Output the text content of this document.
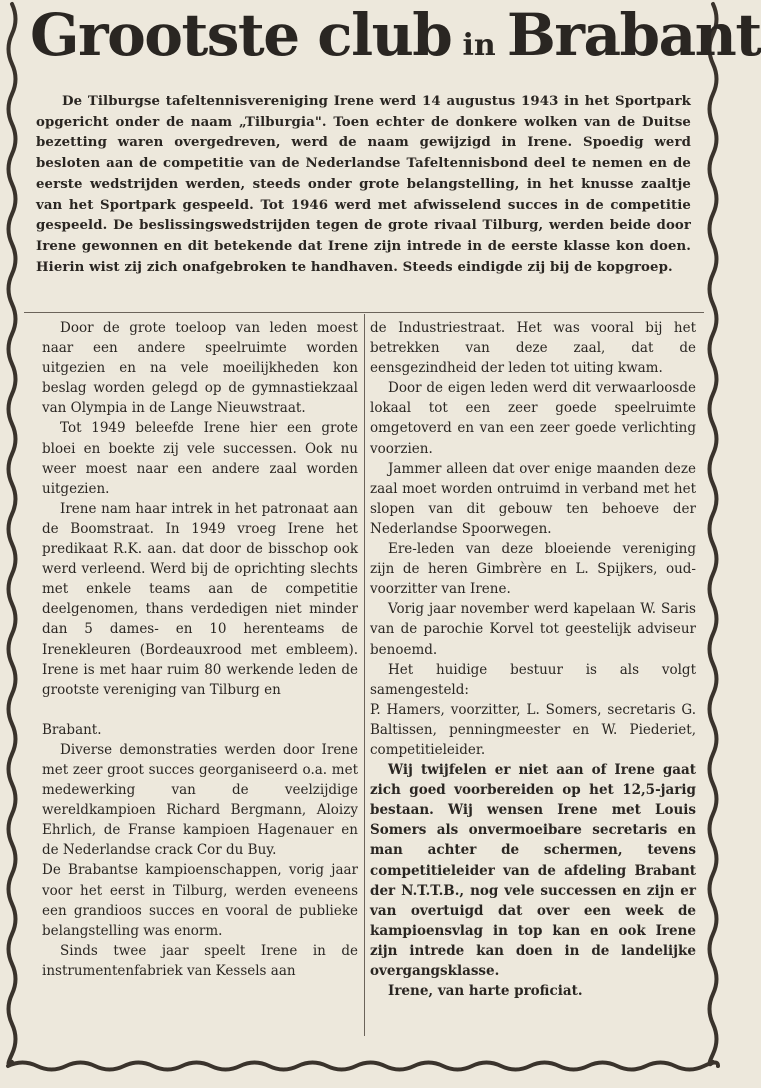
Grootste club in Brabant

De Tilburgse tafeltennisvereniging Irene werd 14 augustus 1943 in het Sportpark opgericht onder de naam „Tilburgia". Toen echter de donkere wolken van de Duitse bezetting waren overgedreven, werd de naam gewijzigd in Irene. Spoedig werd besloten aan de competitie van de Nederlandse Tafeltennisbond deel te nemen en de eerste wedstrijden werden, steeds onder grote belangstelling, in het knusse zaaltje van het Sportpark gespeeld. Tot 1946 werd met afwisselend succes in de competitie gespeeld. De beslissingswedstrijden tegen de grote rivaal Tilburg, werden beide door Irene gewonnen en dit betekende dat Irene zijn intrede in de eerste klasse kon doen. Hierin wist zij zich onafgebroken te handhaven. Steeds eindigde zij bij de kopgroep.

Door de grote toeloop van leden moest naar een andere speelruimte worden uitgezien en na vele moeilijkheden kon beslag worden gelegd op de gymnastiekzaal van Olympia in de Lange Nieuwstraat.

Tot 1949 beleefde Irene hier een grote bloei en boekte zij vele successen. Ook nu weer moest naar een andere zaal worden uitgezien.

Irene nam haar intrek in het patronaat aan de Boomstraat. In 1949 vroeg Irene het predikaat R.K. aan. dat door de bisschop ook werd verleend. Werd bij de oprichting slechts met enkele teams aan de competitie deelgenomen, thans verdedigen niet minder dan 5 dames- en 10 herenteams de Irenekleuren (Bordeauxrood met embleem). Irene is met haar ruim 80 werkende leden de grootste vereniging van Tilburg en

Brabant.

Diverse demonstraties werden door Irene met zeer groot succes georganiseerd o.a. met medewerking van de veelzijdige wereldkampioen Richard Bergmann, Aloizy Ehrlich, de Franse kampioen Hagenauer en de Nederlandse crack Cor du Buy.

De Brabantse kampioenschappen, vorig jaar voor het eerst in Tilburg, werden eveneens een grandioos succes en vooral de publieke belangstelling was enorm.

Sinds twee jaar speelt Irene in de instrumentenfabriek van Kessels aan

de Industriestraat. Het was vooral bij het betrekken van deze zaal, dat de eensgezindheid der leden tot uiting kwam.

Door de eigen leden werd dit verwaarloosde lokaal tot een zeer goede speelruimte omgetoverd en van een zeer goede verlichting voorzien.

Jammer alleen dat over enige maanden deze zaal moet worden ontruimd in verband met het slopen van dit gebouw ten behoeve der Nederlandse Spoorwegen.

Ere-leden van deze bloeiende vereniging zijn de heren Gimbrère en L. Spijkers, oud-voorzitter van Irene.

Vorig jaar november werd kapelaan W. Saris van de parochie Korvel tot geestelijk adviseur benoemd.

Het huidige bestuur is als volgt samengesteld:

P. Hamers, voorzitter, L. Somers, secretaris G. Baltissen, penningmeester en W. Piederiet, competitieleider.

Wij twijfelen er niet aan of Irene gaat zich goed voorbereiden op het 12,5-jarig bestaan. Wij wensen Irene met Louis Somers als onvermoeibare secretaris en man achter de schermen, tevens competitieleider van de afdeling Brabant der N.T.T.B., nog vele successen en zijn er van overtuigd dat over een week de kampioensvlag in top kan en ook Irene zijn intrede kan doen in de landelijke overgangsklasse.

Irene, van harte proficiat.
